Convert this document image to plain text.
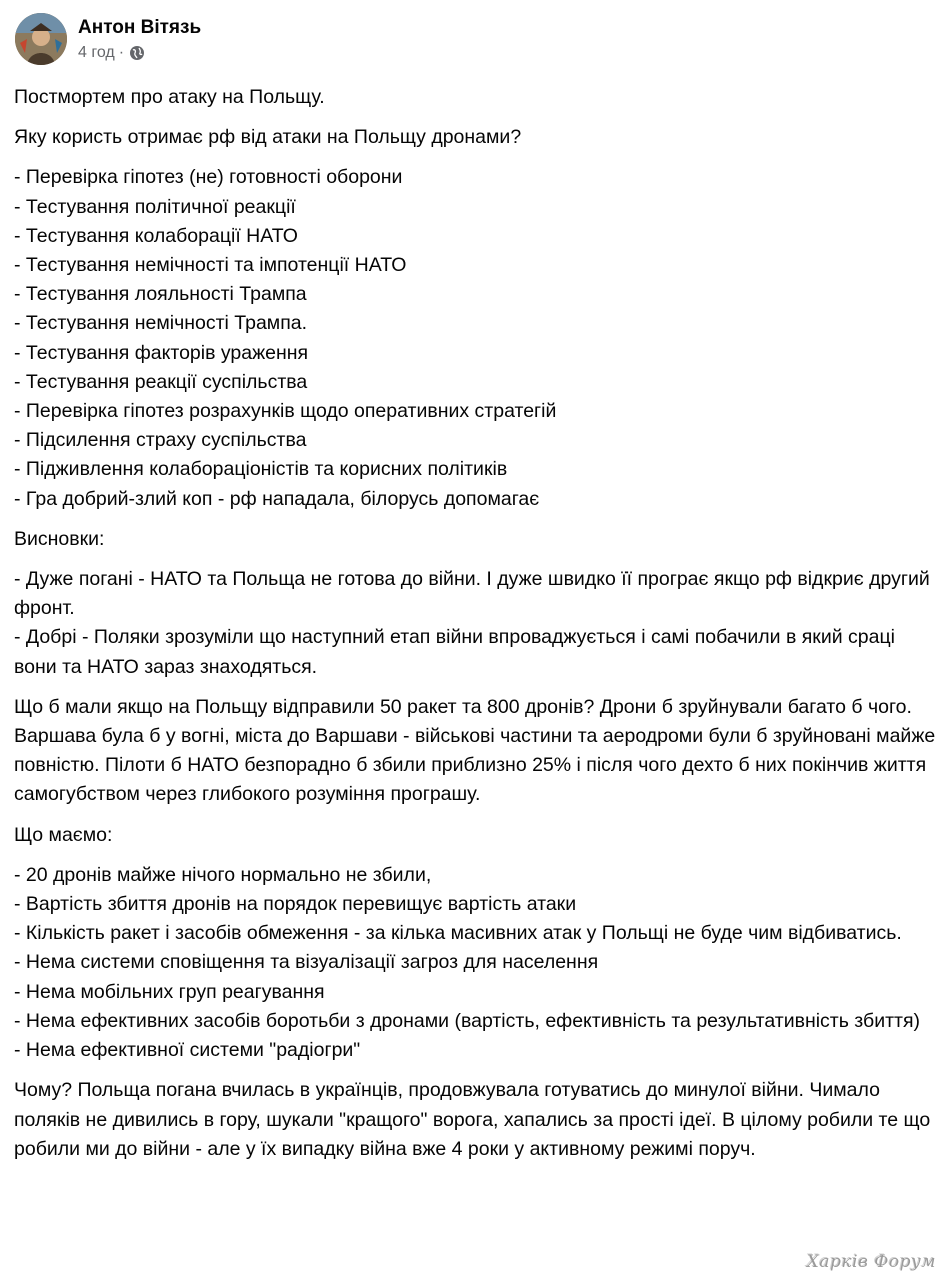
Антон Вітязь
4 год ·

Постмортем про атаку на Польщу.

Яку користь отримає рф від атаки на Польщу дронами?

- Перевірка гіпотез (не) готовності оборони
- Тестування політичної реакції
- Тестування колаборації НАТО
- Тестування немічності та імпотенції НАТО
- Тестування лояльності Трампа
- Тестування немічності Трампа.
- Тестування факторів ураження
- Тестування реакції суспільства
- Перевірка гіпотез розрахунків щодо оперативних стратегій
- Підсилення страху суспільства
- Підживлення колабораціоністів та корисних політиків
- Гра добрий-злий коп - рф нападала, білорусь допомагає

Висновки:

- Дуже погані - НАТО та Польща не готова до війни. І дуже швидко її програє якщо рф відкриє другий фронт.
- Добрі - Поляки зрозуміли що наступний етап війни впроваджується і самі побачили в який сраці вони та НАТО зараз знаходяться.

Що б мали якщо на Польщу відправили 50 ракет та 800 дронів? Дрони б зруйнували багато б чого. Варшава була б у вогні, міста до Варшави - військові частини та аеродроми були б зруйновані майже повністю. Пілоти б НАТО безпорадно б збили приблизно 25% і після чого дехто б них покінчив життя самогубством через глибокого розуміння програшу.

Що маємо:

- 20 дронів майже нічого нормально не збили,
- Вартість збиття дронів на порядок перевищує вартість атаки
- Кількість ракет і засобів обмеження - за кілька масивних атак у Польщі не буде чим відбиватись.
- Нема системи сповіщення та візуалізації загроз для населення
- Нема мобільних груп реагування
- Нема ефективних засобів боротьби з дронами (вартість, ефективність та результативність збиття)
- Нема ефективної системи "радіогри"

Чому? Польща погана вчилась в українців, продовжувала готуватись до минулої війни. Чимало поляків не дивились в гору, шукали "кращого" ворога, хапались за прості ідеї. В цілому робили те що робили ми до війни - але у їх випадку війна вже 4 роки у активному режимі поруч.

Харків Форум
